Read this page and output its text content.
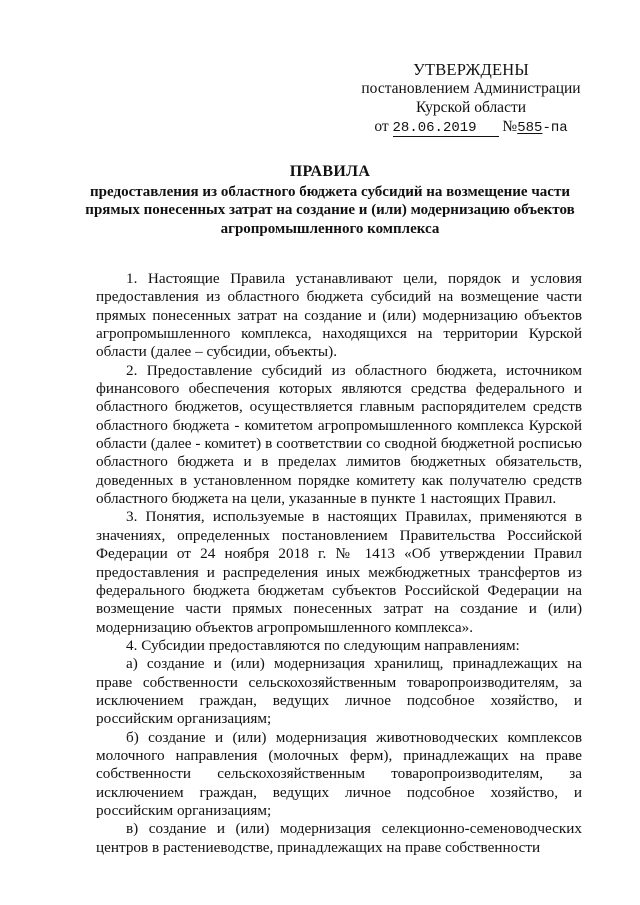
УТВЕРЖДЕНЫ
постановлением Администрации
Курской области
от 28.06.2019 №585-па
ПРАВИЛА
предоставления из областного бюджета субсидий на возмещение части прямых понесенных затрат на создание и (или) модернизацию объектов агропромышленного комплекса

1. Настоящие Правила устанавливают цели, порядок и условия предоставления из областного бюджета субсидий на возмещение части прямых понесенных затрат на создание и (или) модернизацию объектов агропромышленного комплекса, находящихся на территории Курской области (далее – субсидии, объекты).

2. Предоставление субсидий из областного бюджета, источником финансового обеспечения которых являются средства федерального и областного бюджетов, осуществляется главным распорядителем средств областного бюджета - комитетом агропромышленного комплекса Курской области (далее - комитет) в соответствии со сводной бюджетной росписью областного бюджета и в пределах лимитов бюджетных обязательств, доведенных в установленном порядке комитету как получателю средств областного бюджета на цели, указанные в пункте 1 настоящих Правил.

3. Понятия, используемые в настоящих Правилах, применяются в значениях, определенных постановлением Правительства Российской Федерации от 24 ноября 2018 г. № 1413 «Об утверждении Правил предоставления и распределения иных межбюджетных трансфертов из федерального бюджета бюджетам субъектов Российской Федерации на возмещение части прямых понесенных затрат на создание и (или) модернизацию объектов агропромышленного комплекса».

4. Субсидии предоставляются по следующим направлениям:

а) создание и (или) модернизация хранилищ, принадлежащих на праве собственности сельскохозяйственным товаропроизводителям, за исключением граждан, ведущих личное подсобное хозяйство, и российским организациям;

б) создание и (или) модернизация животноводческих комплексов молочного направления (молочных ферм), принадлежащих на праве собственности сельскохозяйственным товаропроизводителям, за исключением граждан, ведущих личное подсобное хозяйство, и российским организациям;

в) создание и (или) модернизация селекционно-семеноводческих центров в растениеводстве, принадлежащих на праве собственности
